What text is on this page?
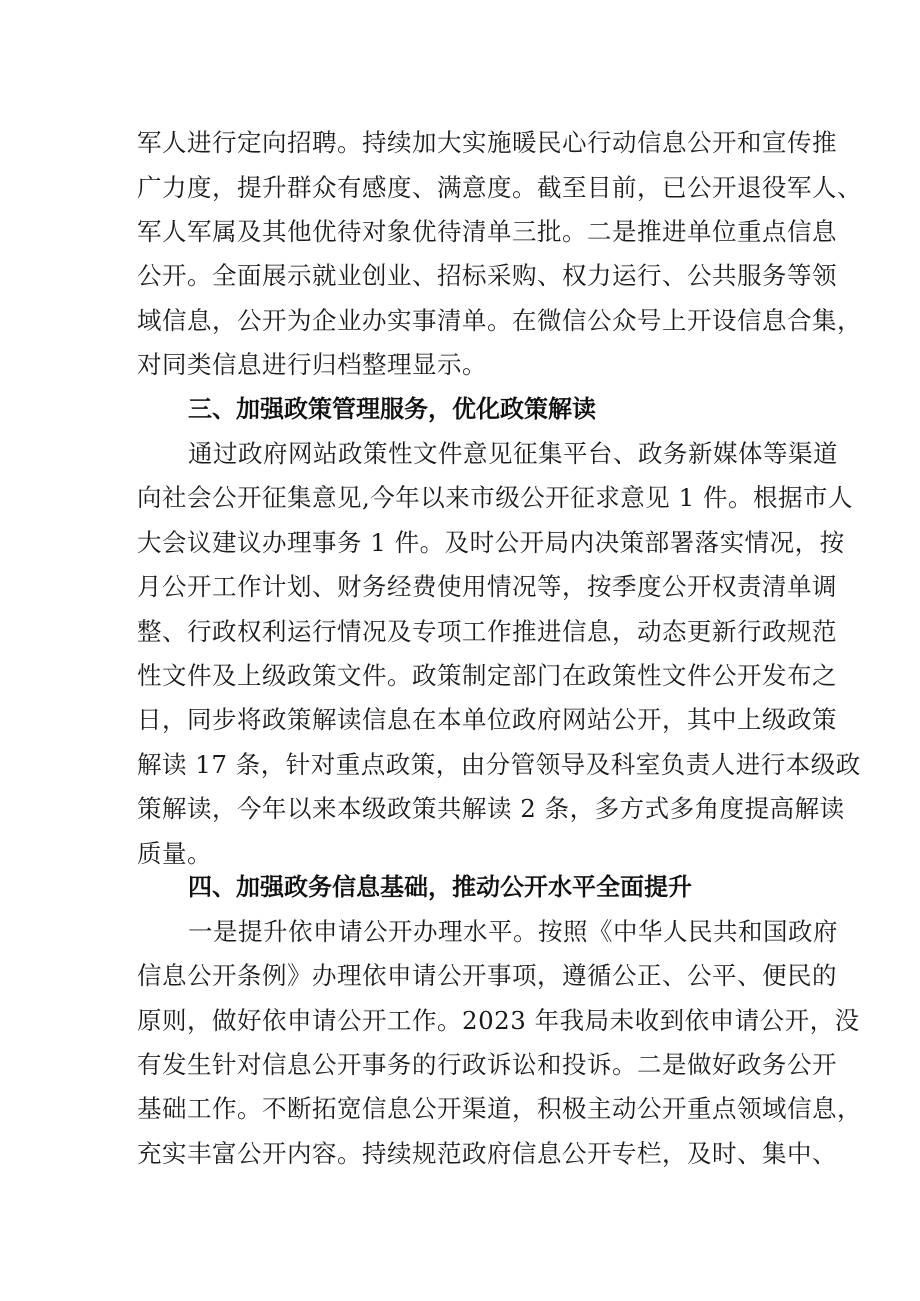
军人进行定向招聘。持续加大实施暖民心行动信息公开和宣传推
广力度，提升群众有感度、满意度。截至目前，已公开退役军人、
军人军属及其他优待对象优待清单三批。二是推进单位重点信息
公开。全面展示就业创业、招标采购、权力运行、公共服务等领
域信息，公开为企业办实事清单。在微信公众号上开设信息合集，
对同类信息进行归档整理显示。
三、加强政策管理服务，优化政策解读
通过政府网站政策性文件意见征集平台、政务新媒体等渠道
向社会公开征集意见,今年以来市级公开征求意见 1 件。根据市人
大会议建议办理事务 1 件。及时公开局内决策部署落实情况，按
月公开工作计划、财务经费使用情况等，按季度公开权责清单调
整、行政权利运行情况及专项工作推进信息，动态更新行政规范
性文件及上级政策文件。政策制定部门在政策性文件公开发布之
日，同步将政策解读信息在本单位政府网站公开，其中上级政策
解读 17 条，针对重点政策，由分管领导及科室负责人进行本级政
策解读，今年以来本级政策共解读 2 条，多方式多角度提高解读
质量。
四、加强政务信息基础，推动公开水平全面提升
一是提升依申请公开办理水平。按照《中华人民共和国政府
信息公开条例》办理依申请公开事项，遵循公正、公平、便民的
原则，做好依申请公开工作。2023 年我局未收到依申请公开，没
有发生针对信息公开事务的行政诉讼和投诉。二是做好政务公开
基础工作。不断拓宽信息公开渠道，积极主动公开重点领域信息，
充实丰富公开内容。持续规范政府信息公开专栏，及时、集中、
